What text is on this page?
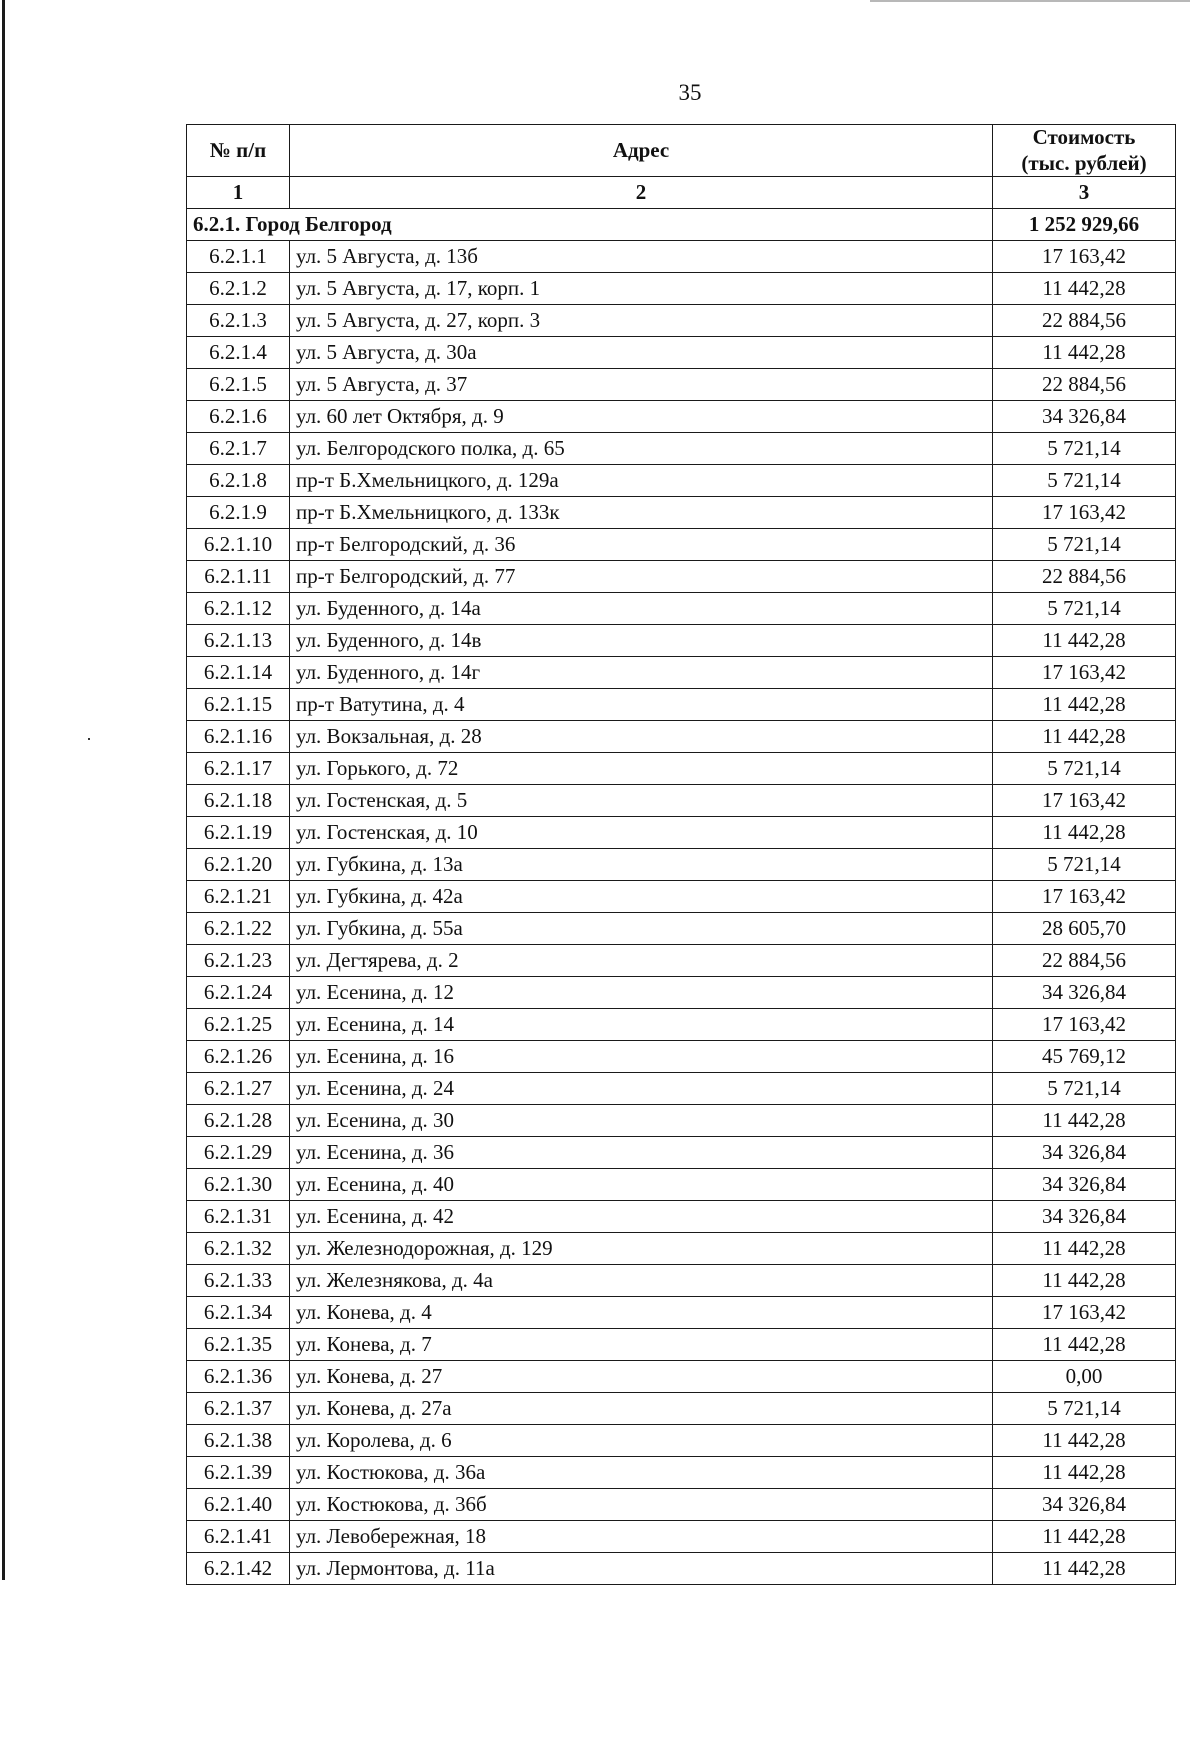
35
№ п/п	Адрес	Стоимость
(тыс. рублей)
1	2	3
6.2.1. Город Белгород		1 252 929,66
6.2.1.1	ул. 5 Августа, д. 13б	17 163,42
6.2.1.2	ул. 5 Августа, д. 17, корп. 1	11 442,28
6.2.1.3	ул. 5 Августа, д. 27, корп. 3	22 884,56
6.2.1.4	ул. 5 Августа, д. 30а	11 442,28
6.2.1.5	ул. 5 Августа, д. 37	22 884,56
6.2.1.6	ул. 60 лет Октября, д. 9	34 326,84
6.2.1.7	ул. Белгородского полка, д. 65	5 721,14
6.2.1.8	пр-т Б.Хмельницкого, д. 129а	5 721,14
6.2.1.9	пр-т Б.Хмельницкого, д. 133к	17 163,42
6.2.1.10	пр-т Белгородский, д. 36	5 721,14
6.2.1.11	пр-т Белгородский, д. 77	22 884,56
6.2.1.12	ул. Буденного, д. 14а	5 721,14
6.2.1.13	ул. Буденного, д. 14в	11 442,28
6.2.1.14	ул. Буденного, д. 14г	17 163,42
6.2.1.15	пр-т Ватутина, д. 4	11 442,28
6.2.1.16	ул. Вокзальная, д. 28	11 442,28
6.2.1.17	ул. Горького, д. 72	5 721,14
6.2.1.18	ул. Гостенская, д. 5	17 163,42
6.2.1.19	ул. Гостенская, д. 10	11 442,28
6.2.1.20	ул. Губкина, д. 13а	5 721,14
6.2.1.21	ул. Губкина, д. 42а	17 163,42
6.2.1.22	ул. Губкина, д. 55а	28 605,70
6.2.1.23	ул. Дегтярева, д. 2	22 884,56
6.2.1.24	ул. Есенина, д. 12	34 326,84
6.2.1.25	ул. Есенина, д. 14	17 163,42
6.2.1.26	ул. Есенина, д. 16	45 769,12
6.2.1.27	ул. Есенина, д. 24	5 721,14
6.2.1.28	ул. Есенина, д. 30	11 442,28
6.2.1.29	ул. Есенина, д. 36	34 326,84
6.2.1.30	ул. Есенина, д. 40	34 326,84
6.2.1.31	ул. Есенина, д. 42	34 326,84
6.2.1.32	ул. Железнодорожная, д. 129	11 442,28
6.2.1.33	ул. Железнякова, д. 4а	11 442,28
6.2.1.34	ул. Конева, д. 4	17 163,42
6.2.1.35	ул. Конева, д. 7	11 442,28
6.2.1.36	ул. Конева, д. 27	0,00
6.2.1.37	ул. Конева, д. 27а	5 721,14
6.2.1.38	ул. Королева, д. 6	11 442,28
6.2.1.39	ул. Костюкова, д. 36а	11 442,28
6.2.1.40	ул. Костюкова, д. 36б	34 326,84
6.2.1.41	ул. Левобережная, 18	11 442,28
6.2.1.42	ул. Лермонтова, д. 11а	11 442,28
